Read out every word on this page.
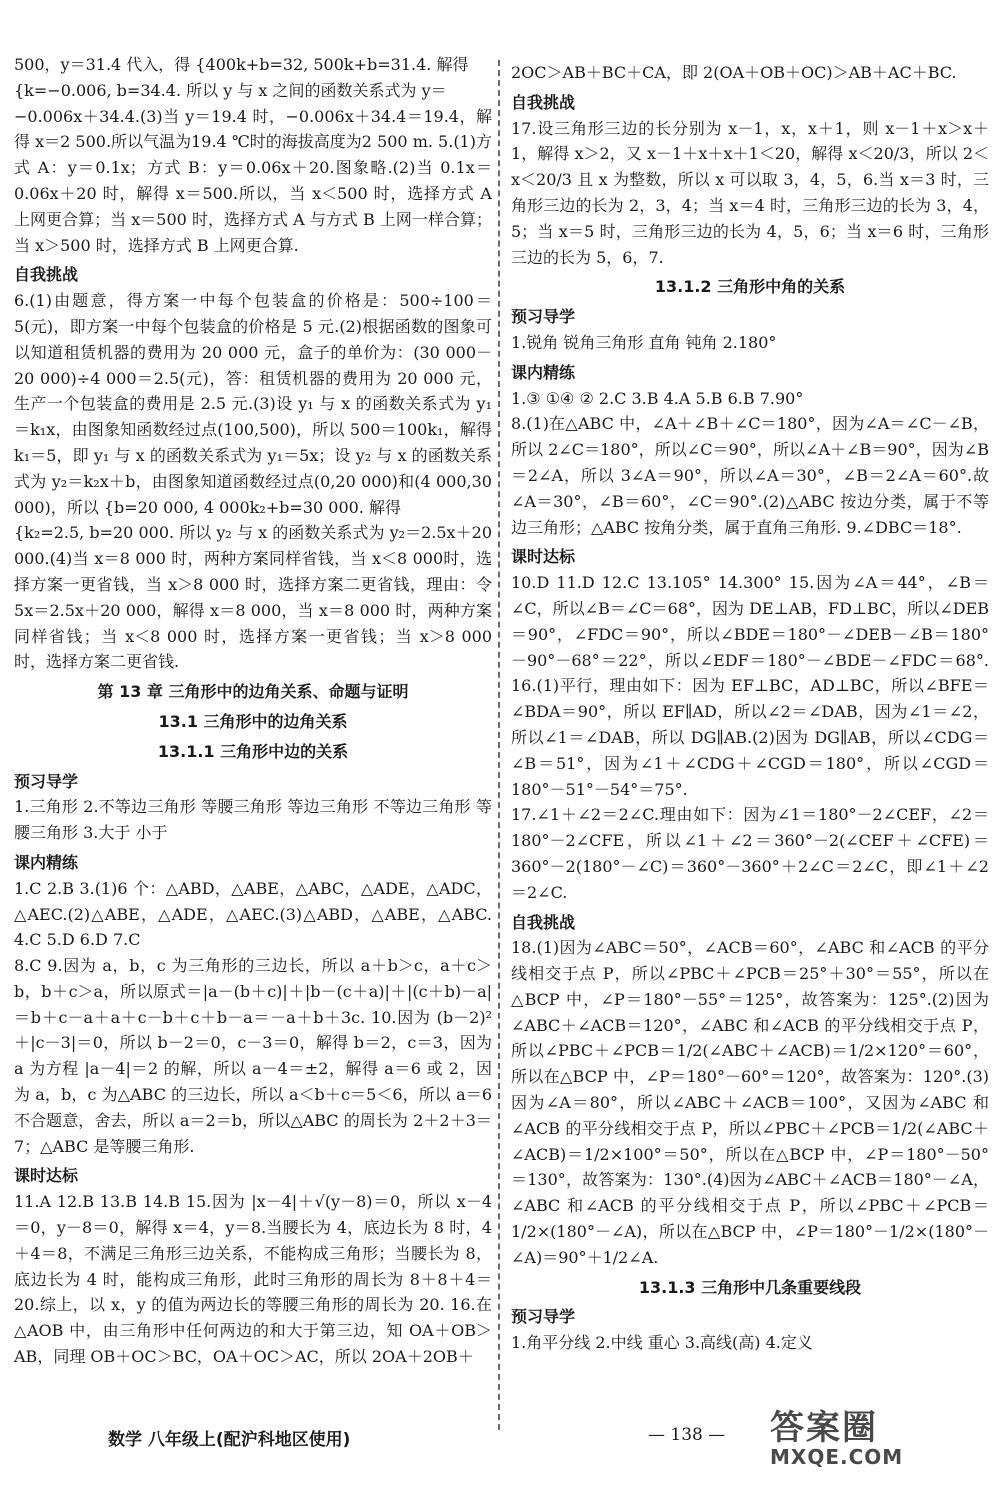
500，y＝31.4 代入，得 {400k+b=32, 500k+b=31.4. 解得
{k=−0.006, b=34.4. 所以 y 与 x 之间的函数关系式为 y＝
−0.006x＋34.4.(3)当 y＝19.4 时，−0.006x＋34.4＝19.4，解得 x＝2 500.所以气温为19.4 ℃时的海拔高度为2 500 m. 5.(1)方式 A：y＝0.1x；方式 B：y＝0.06x＋20.图象略.(2)当 0.1x＝0.06x＋20 时，解得 x＝500.所以，当 x＜500 时，选择方式 A 上网更合算；当 x＝500 时，选择方式 A 与方式 B 上网一样合算；当 x＞500 时，选择方式 B 上网更合算.
自我挑战
6.(1)由题意，得方案一中每个包装盒的价格是：500÷100＝5(元)，即方案一中每个包装盒的价格是 5 元.(2)根据函数的图象可以知道租赁机器的费用为 20 000 元，盒子的单价为：(30 000－20 000)÷4 000＝2.5(元)，答：租赁机器的费用为 20 000 元，生产一个包装盒的费用是 2.5 元.(3)设 y₁ 与 x 的函数关系式为 y₁＝k₁x，由图象知函数经过点(100,500)，所以 500＝100k₁，解得 k₁＝5，即 y₁ 与 x 的函数关系式为 y₁＝5x；设 y₂ 与 x 的函数关系式为 y₂＝k₂x＋b，由图象知道函数经过点(0,20 000)和(4 000,30 000)，所以 {b=20 000, 4 000k₂+b=30 000. 解得
{k₂=2.5, b=20 000. 所以 y₂ 与 x 的函数关系式为 y₂＝2.5x＋20 000.(4)当 x＝8 000 时，两种方案同样省钱，当 x＜8 000时，选择方案一更省钱，当 x＞8 000 时，选择方案二更省钱，理由：令 5x＝2.5x＋20 000，解得 x＝8 000，当 x＝8 000 时，两种方案同样省钱；当 x＜8 000 时，选择方案一更省钱；当 x＞8 000 时，选择方案二更省钱.
第 13 章 三角形中的边角关系、命题与证明
13.1 三角形中的边角关系
13.1.1 三角形中边的关系
预习导学
1.三角形 2.不等边三角形 等腰三角形 等边三角形 不等边三角形 等腰三角形 3.大于 小于
课内精练
1.C 2.B 3.(1)6 个：△ABD，△ABE，△ABC，△ADE，△ADC，△AEC.(2)△ABE，△ADE，△AEC.(3)△ABD，△ABE，△ABC. 4.C 5.D 6.D 7.C
8.C 9.因为 a，b，c 为三角形的三边长，所以 a＋b＞c，a＋c＞b，b＋c＞a，所以原式＝|a－(b＋c)|＋|b－(c＋a)|＋|(c＋b)－a|＝b＋c－a＋a＋c－b＋c＋b－a＝－a＋b＋3c. 10.因为 (b－2)²＋|c－3|＝0，所以 b－2＝0，c－3＝0，解得 b＝2，c＝3，因为 a 为方程 |a－4|＝2 的解，所以 a－4＝±2，解得 a＝6 或 2，因为 a，b，c 为△ABC 的三边长，所以 a＜b＋c＝5＜6，所以 a＝6 不合题意，舍去，所以 a＝2＝b，所以△ABC 的周长为 2＋2＋3＝7；△ABC 是等腰三角形.
课时达标
11.A 12.B 13.B 14.B 15.因为 |x－4|＋√(y－8)＝0，所以 x－4＝0，y－8＝0，解得 x＝4，y＝8.当腰长为 4，底边长为 8 时，4＋4＝8，不满足三角形三边关系，不能构成三角形；当腰长为 8，底边长为 4 时，能构成三角形，此时三角形的周长为 8＋8＋4＝20.综上，以 x，y 的值为两边长的等腰三角形的周长为 20. 16.在△AOB 中，由三角形中任何两边的和大于第三边，知 OA＋OB＞AB，同理 OB＋OC＞BC，OA＋OC＞AC，所以 2OA＋2OB＋
2OC＞AB＋BC＋CA，即 2(OA＋OB＋OC)＞AB＋AC＋BC.
自我挑战
17.设三角形三边的长分别为 x－1，x，x＋1，则 x－1＋x＞x＋1，解得 x＞2，又 x－1＋x＋x＋1＜20，解得 x＜20/3，所以 2＜x＜20/3 且 x 为整数，所以 x 可以取 3，4，5，6.当 x＝3 时，三角形三边的长为 2，3，4；当 x＝4 时，三角形三边的长为 3，4，5；当 x＝5 时，三角形三边的长为 4，5，6；当 x＝6 时，三角形三边的长为 5，6，7.
13.1.2 三角形中角的关系
预习导学
1.锐角 锐角三角形 直角 钝角 2.180°
课内精练
1.③ ①④ ② 2.C 3.B 4.A 5.B 6.B 7.90°
8.(1)在△ABC 中，∠A＋∠B＋∠C＝180°，因为∠A＝∠C－∠B，所以 2∠C＝180°，所以∠C＝90°，所以∠A＋∠B＝90°，因为∠B＝2∠A，所以 3∠A＝90°，所以∠A＝30°，∠B＝2∠A＝60°.故∠A＝30°，∠B＝60°，∠C＝90°.(2)△ABC 按边分类，属于不等边三角形；△ABC 按角分类，属于直角三角形. 9.∠DBC＝18°.
课时达标
10.D 11.D 12.C 13.105° 14.300° 15.因为∠A＝44°，∠B＝∠C，所以∠B＝∠C＝68°，因为 DE⊥AB，FD⊥BC，所以∠DEB＝90°，∠FDC＝90°，所以∠BDE＝180°－∠DEB－∠B＝180°－90°－68°＝22°，所以∠EDF＝180°－∠BDE－∠FDC＝68°. 16.(1)平行，理由如下：因为 EF⊥BC，AD⊥BC，所以∠BFE＝∠BDA＝90°，所以 EF∥AD，所以∠2＝∠DAB，因为∠1＝∠2，所以∠1＝∠DAB，所以 DG∥AB.(2)因为 DG∥AB，所以∠CDG＝∠B＝51°，因为∠1＋∠CDG＋∠CGD＝180°，所以∠CGD＝180°－51°－54°＝75°.
17.∠1＋∠2＝2∠C.理由如下：因为∠1＝180°－2∠CEF，∠2＝180°－2∠CFE，所以∠1＋∠2＝360°－2(∠CEF＋∠CFE)＝360°－2(180°－∠C)＝360°－360°＋2∠C＝2∠C，即∠1＋∠2＝2∠C.
自我挑战
18.(1)因为∠ABC＝50°，∠ACB＝60°，∠ABC 和∠ACB 的平分线相交于点 P，所以∠PBC＋∠PCB＝25°＋30°＝55°，所以在△BCP 中，∠P＝180°－55°＝125°，故答案为：125°.(2)因为∠ABC＋∠ACB＝120°，∠ABC 和∠ACB 的平分线相交于点 P，所以∠PBC＋∠PCB＝1/2(∠ABC＋∠ACB)＝1/2×120°＝60°，所以在△BCP 中，∠P＝180°－60°＝120°，故答案为：120°.(3)因为∠A＝80°，所以∠ABC＋∠ACB＝100°，又因为∠ABC 和∠ACB 的平分线相交于点 P，所以∠PBC＋∠PCB＝1/2(∠ABC＋∠ACB)＝1/2×100°＝50°，所以在△BCP 中，∠P＝180°－50°＝130°，故答案为：130°.(4)因为∠ABC＋∠ACB＝180°－∠A，∠ABC 和∠ACB 的平分线相交于点 P，所以∠PBC＋∠PCB＝1/2×(180°－∠A)，所以在△BCP 中，∠P＝180°－1/2×(180°－∠A)＝90°＋1/2∠A.
13.1.3 三角形中几条重要线段
预习导学
1.角平分线 2.中线 重心 3.高线(高) 4.定义
数学 八年级上(配沪科地区使用)	— 138 — 答案圈
MXQE.COM
